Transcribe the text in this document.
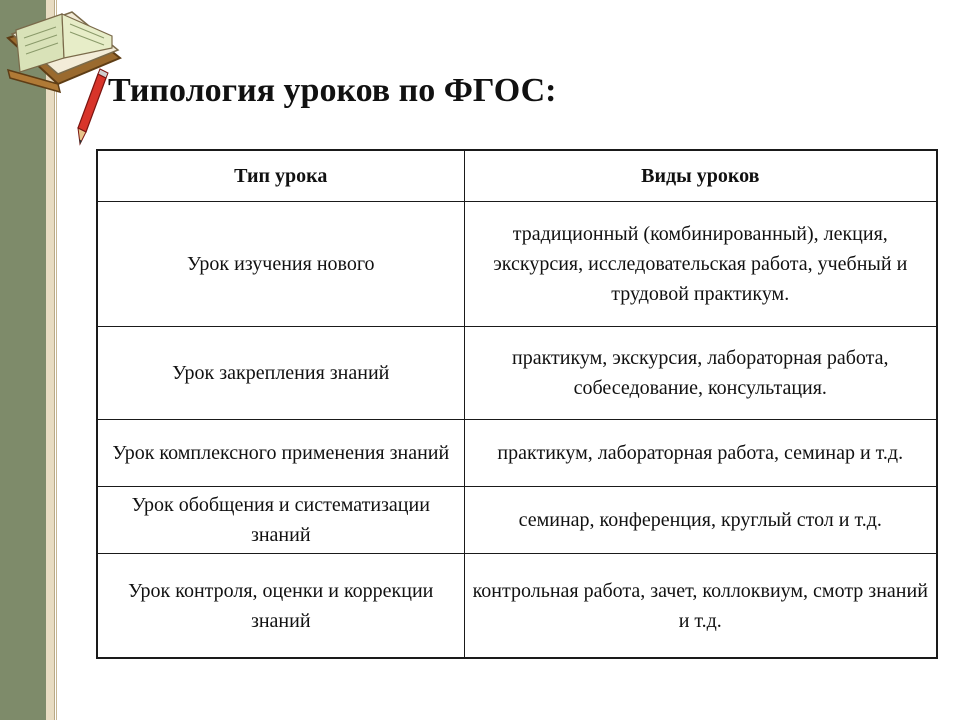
Типология уроков по ФГОС:
Тип урока	Виды уроков
Урок изучения нового	традиционный (комбинированный), лекция, экскурсия, исследовательская работа, учебный и трудовой практикум.
Урок закрепления знаний	практикум, экскурсия, лабораторная работа, собеседование, консультация.
Урок комплексного применения знаний	практикум, лабораторная работа, семинар и т.д.
Урок обобщения и систематизации знаний	семинар, конференция, круглый стол и т.д.
Урок контроля, оценки и коррекции знаний	контрольная работа, зачет, коллоквиум, смотр знаний и т.д.
